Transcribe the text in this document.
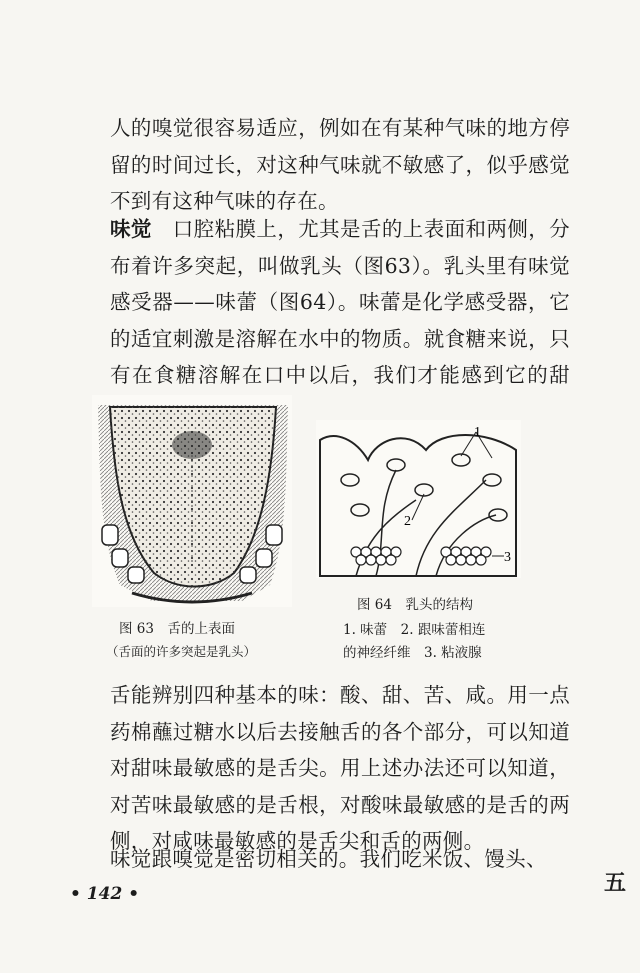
人的嗅觉很容易适应，例如在有某种气味的地方停留的时间过长，对这种气味就不敏感了，似乎感觉不到有这种气味的存在。

味觉　 口腔粘膜上，尤其是舌的上表面和两侧，分布着许多突起，叫做乳头（图63）。乳头里有味觉感受器——味蕾（图64）。味蕾是化学感受器，它的适宜刺激是溶解在水中的物质。就食糖来说，只有在食糖溶解在口中以后，我们才能感到它的甜

图 63　舌的上表面

（舌面的许多突起是乳头）

1
2
3

图 64　乳头的结构

1. 味蕾　2. 跟味蕾相连

的神经纤维　3. 粘液腺

舌能辨别四种基本的味：酸、甜、苦、咸。用一点药棉蘸过糖水以后去接触舌的各个部分，可以知道对甜味最敏感的是舌尖。用上述办法还可以知道，对苦味最敏感的是舌根，对酸味最敏感的是舌的两侧，对咸味最敏感的是舌尖和舌的两侧。

味觉跟嗅觉是密切相关的。我们吃米饭、馒头、

• 142 •	五
